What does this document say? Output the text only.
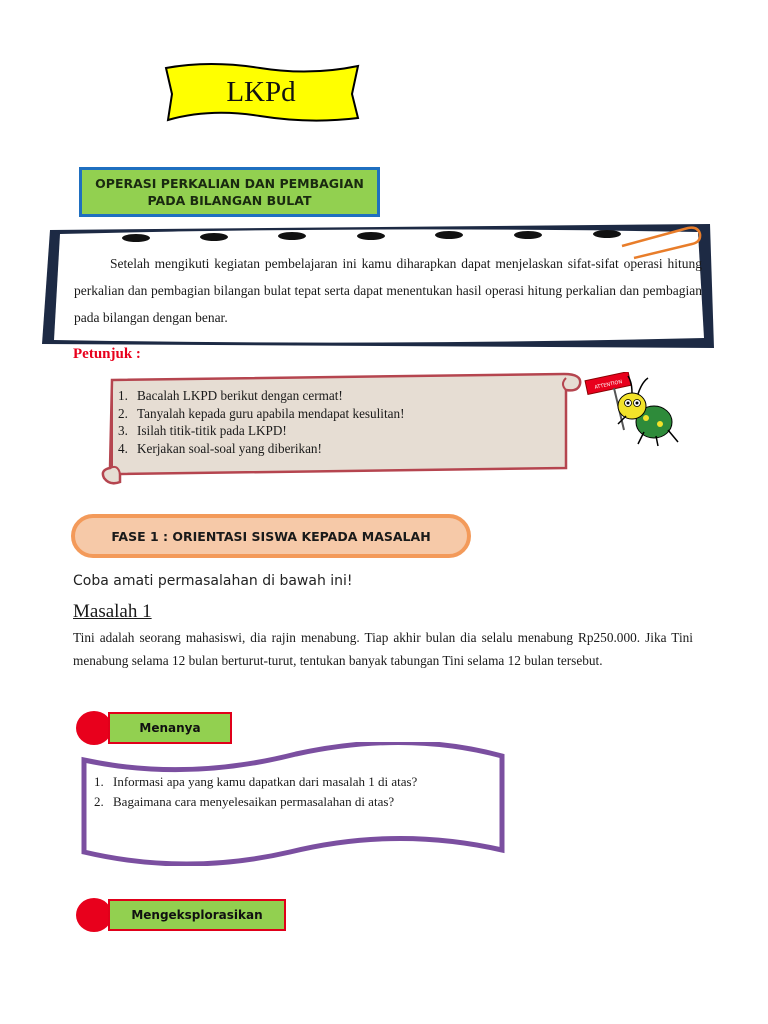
LKPd
OPERASI PERKALIAN DAN PEMBAGIAN
PADA BILANGAN BULAT

Setelah mengikuti kegiatan pembelajaran ini kamu diharapkan dapat menjelaskan sifat-sifat operasi hitung perkalian dan pembagian bilangan bulat tepat serta dapat menentukan hasil operasi hitung perkalian dan pembagian pada bilangan dengan benar.

Petunjuk :
1. Bacalah LKPD berikut dengan cermat!
2. Tanyalah kepada guru apabila mendapat kesulitan!
3. Isilah titik-titik pada LKPD!
4. Kerjakan soal-soal yang diberikan!
ATTENTION
FASE 1 : ORIENTASI SISWA KEPADA MASALAH
Coba amati permasalahan di bawah ini!
Masalah 1
Tini adalah seorang mahasiswi, dia rajin menabung. Tiap akhir bulan dia selalu menabung Rp250.000. Jika Tini menabung selama 12 bulan berturut-turut, tentukan banyak tabungan Tini selama 12 bulan tersebut.
Menanya
1. Informasi apa yang kamu dapatkan dari masalah 1 di atas?
2. Bagaimana cara menyelesaikan permasalahan di atas?
Mengeksplorasikan
